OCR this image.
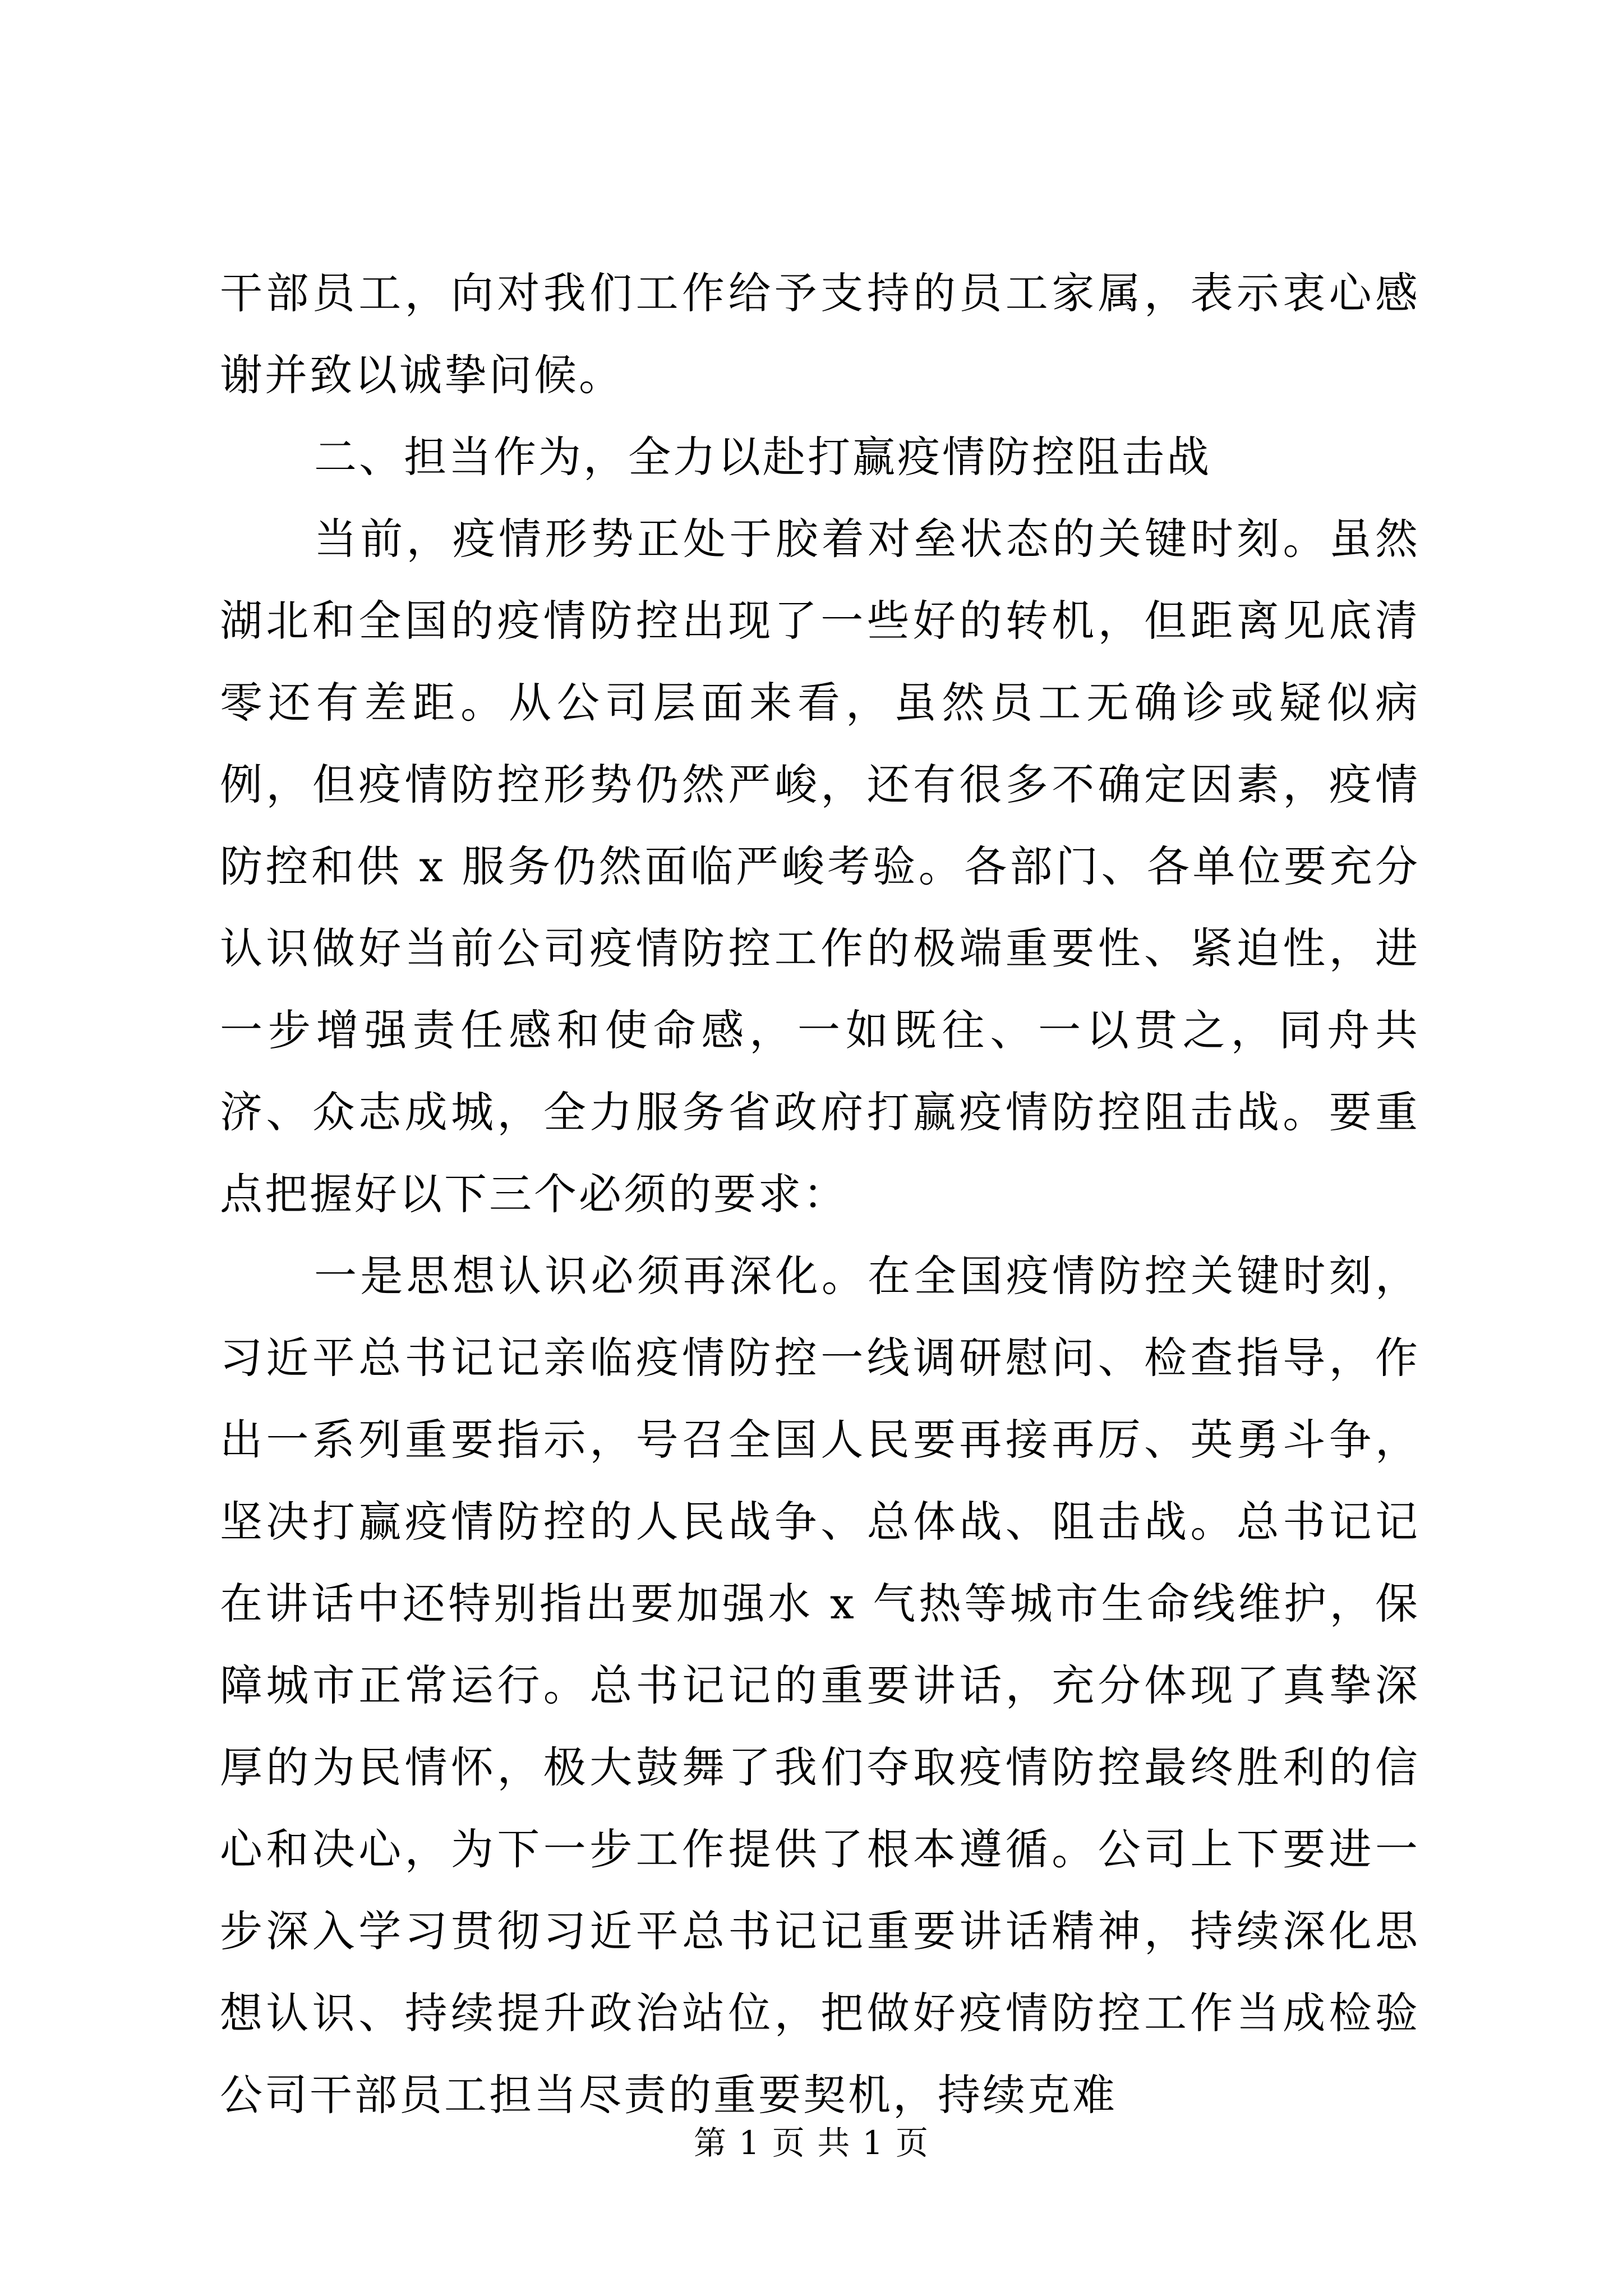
干部员工，向对我们工作给予支持的员工家属，表示衷心感谢并致以诚挚问候。

二、担当作为，全力以赴打赢疫情防控阻击战

当前，疫情形势正处于胶着对垒状态的关键时刻。虽然湖北和全国的疫情防控出现了一些好的转机，但距离见底清零还有差距。从公司层面来看，虽然员工无确诊或疑似病例，但疫情防控形势仍然严峻，还有很多不确定因素，疫情防控和供 x 服务仍然面临严峻考验。各部门、各单位要充分认识做好当前公司疫情防控工作的极端重要性、紧迫性，进一步增强责任感和使命感，一如既往、一以贯之，同舟共济、众志成城，全力服务省政府打赢疫情防控阻击战。要重点把握好以下三个必须的要求：

一是思想认识必须再深化。在全国疫情防控关键时刻，习近平总书记记亲临疫情防控一线调研慰问、检查指导，作出一系列重要指示，号召全国人民要再接再厉、英勇斗争，坚决打赢疫情防控的人民战争、总体战、阻击战。总书记记在讲话中还特别指出要加强水 x 气热等城市生命线维护，保障城市正常运行。总书记记的重要讲话，充分体现了真挚深厚的为民情怀，极大鼓舞了我们夺取疫情防控最终胜利的信心和决心，为下一步工作提供了根本遵循。公司上下要进一步深入学习贯彻习近平总书记记重要讲话精神，持续深化思想认识、持续提升政治站位，把做好疫情防控工作当成检验公司干部员工担当尽责的重要契机，持续克难

第 1 页 共 1 页
